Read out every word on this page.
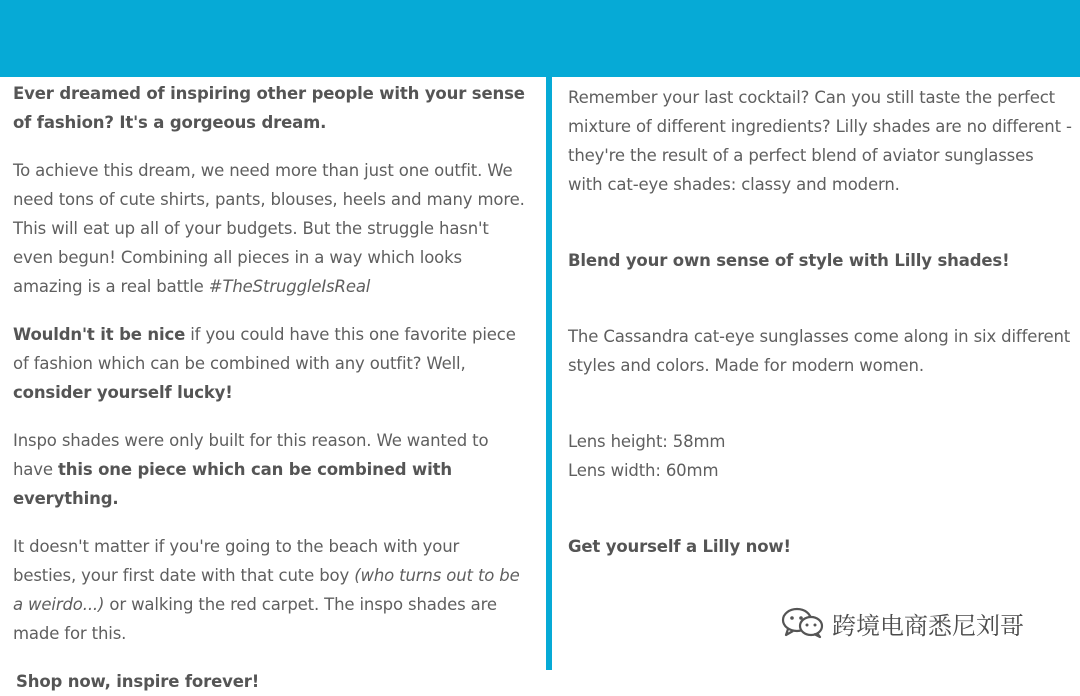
Ever dreamed of inspiring other people with your sense of fashion? It's a gorgeous dream.

To achieve this dream, we need more than just one outfit. We need tons of cute shirts, pants, blouses, heels and many more. This will eat up all of your budgets. But the struggle hasn't even begun! Combining all pieces in a way which looks amazing is a real battle #TheStruggleIsReal

Wouldn't it be nice if you could have this one favorite piece of fashion which can be combined with any outfit? Well, consider yourself lucky!

Inspo shades were only built for this reason. We wanted to have this one piece which can be combined with everything.

It doesn't matter if you're going to the beach with your besties, your first date with that cute boy (who turns out to be a weirdo...) or walking the red carpet. The inspo shades are made for this.

Shop now, inspire forever!

Remember your last cocktail? Can you still taste the perfect mixture of different ingredients? Lilly shades are no different - they're the result of a perfect blend of aviator sunglasses with cat-eye shades: classy and modern.

Blend your own sense of style with Lilly shades!

The Cassandra cat-eye sunglasses come along in six different styles and colors. Made for modern women.

Lens height: 58mm
Lens width: 60mm

Get yourself a Lilly now!

跨境电商悉尼刘哥
